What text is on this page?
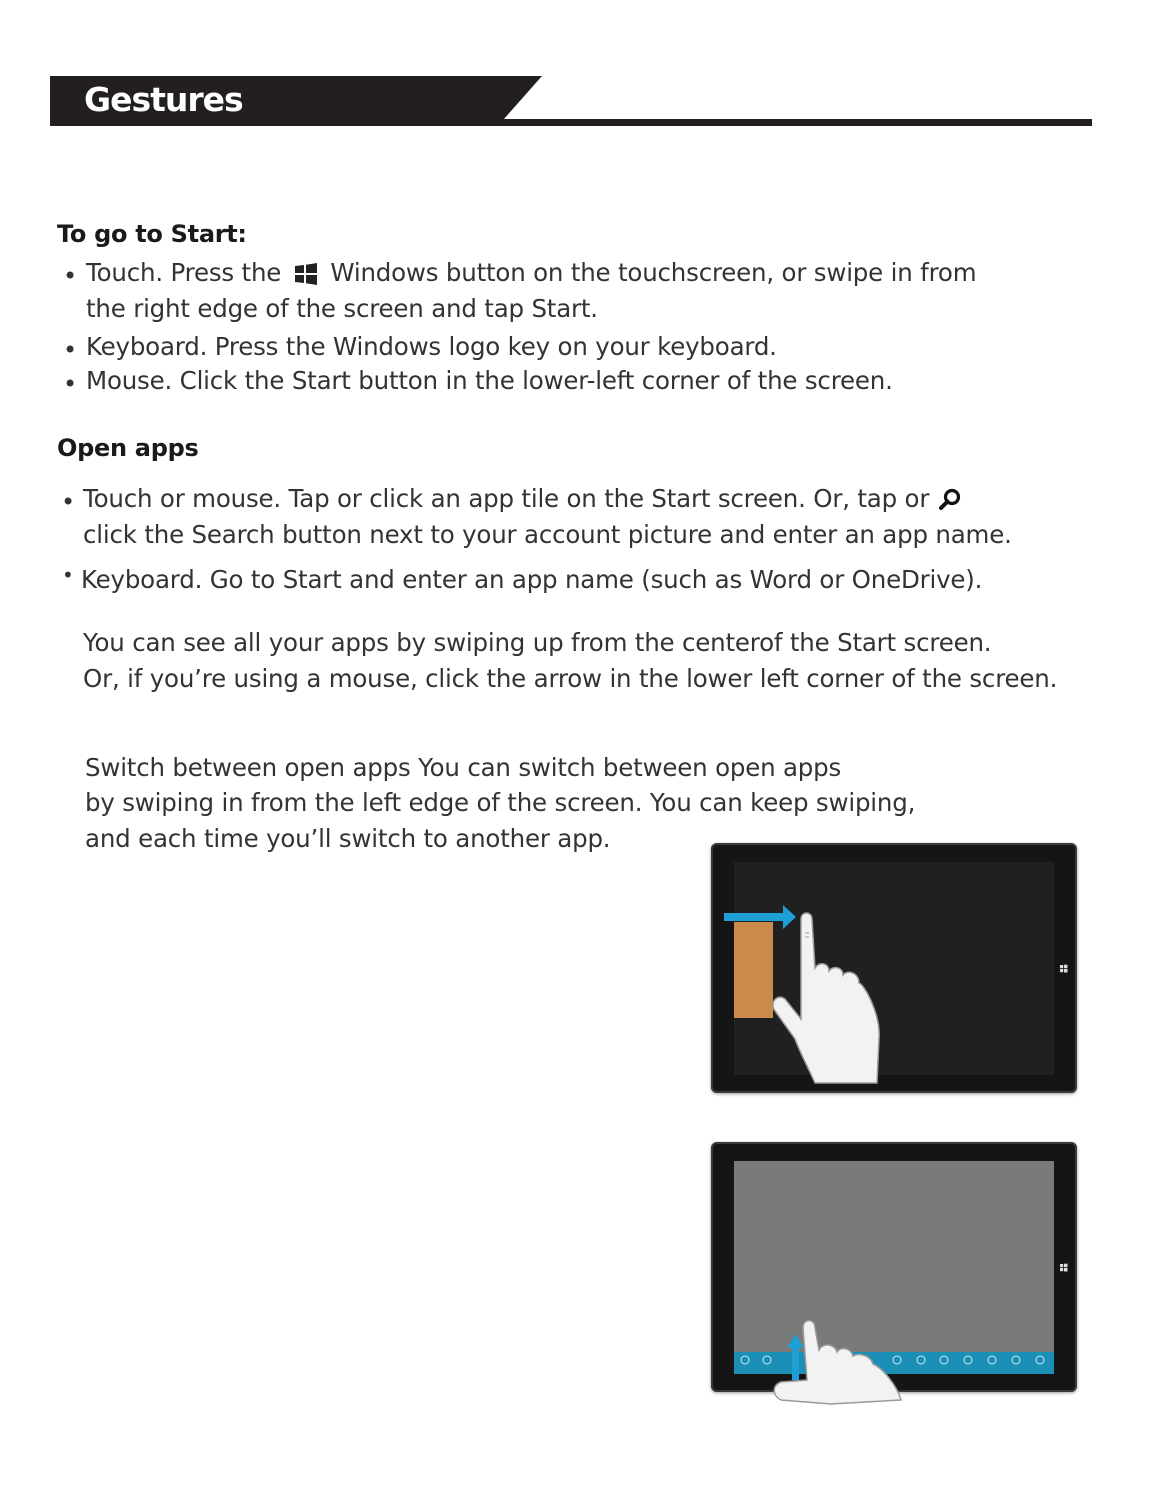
Gestures
To go to Start:
• Touch. Press the Windows button on the touchscreen, or swipe in from
the right edge of the screen and tap Start.
• Keyboard. Press the Windows logo key on your keyboard.
• Mouse. Click the Start button in the lower-left corner of the screen.
Open apps
• Touch or mouse. Tap or click an app tile on the Start screen. Or, tap or
click the Search button next to your account picture and enter an app name.
• Keyboard. Go to Start and enter an app name (such as Word or OneDrive).
You can see all your apps by swiping up from the centerof the Start screen.
Or, if you’re using a mouse, click the arrow in the lower left corner of the screen.
Switch between open apps You can switch between open apps
by swiping in from the left edge of the screen. You can keep swiping,
and each time you’ll switch to another app.
